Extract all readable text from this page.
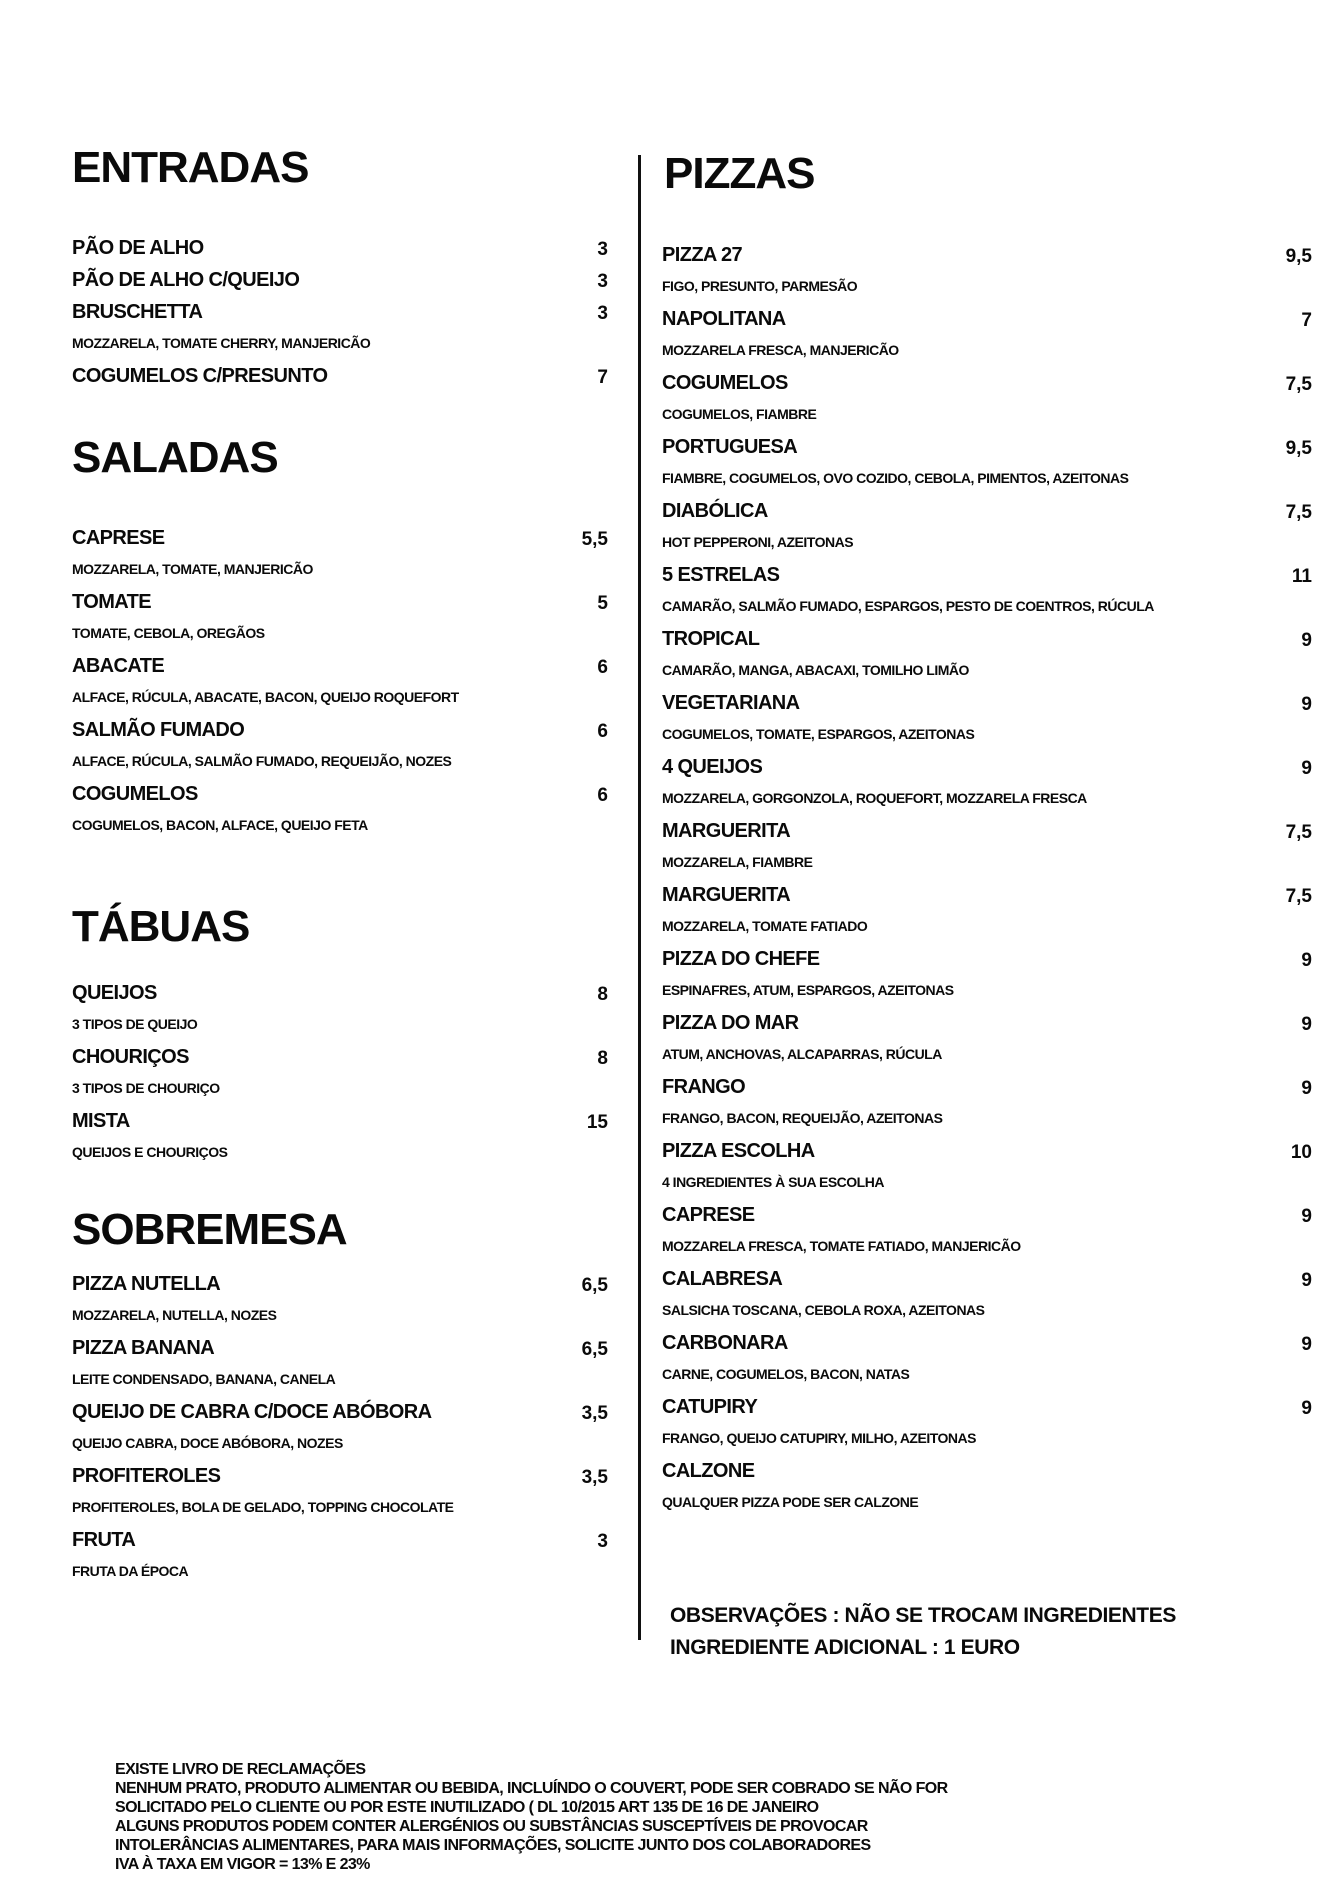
ENTRADAS
PÃO DE ALHO	3
PÃO DE ALHO C/QUEIJO	3
BRUSCHETTA	3
MOZZARELA, TOMATE CHERRY, MANJERICÃO
COGUMELOS C/PRESUNTO	7
SALADAS
CAPRESE	5,5
MOZZARELA, TOMATE, MANJERICÃO
TOMATE	5
TOMATE, CEBOLA, OREGÃOS
ABACATE	6
ALFACE, RÚCULA, ABACATE, BACON, QUEIJO ROQUEFORT
SALMÃO FUMADO	6
ALFACE, RÚCULA, SALMÃO FUMADO, REQUEIJÃO, NOZES
COGUMELOS	6
COGUMELOS, BACON, ALFACE, QUEIJO FETA
TÁBUAS
QUEIJOS	8
3 TIPOS DE QUEIJO
CHOURIÇOS	8
3 TIPOS DE CHOURIÇO
MISTA	15
QUEIJOS E CHOURIÇOS
SOBREMESA
PIZZA NUTELLA	6,5
MOZZARELA, NUTELLA, NOZES
PIZZA BANANA	6,5
LEITE CONDENSADO, BANANA, CANELA
QUEIJO DE CABRA C/DOCE ABÓBORA	3,5
QUEIJO CABRA, DOCE ABÓBORA, NOZES
PROFITEROLES	3,5
PROFITEROLES, BOLA DE GELADO, TOPPING CHOCOLATE
FRUTA	3
FRUTA DA ÉPOCA
PIZZAS
PIZZA 27	9,5
FIGO, PRESUNTO, PARMESÃO
NAPOLITANA	7
MOZZARELA FRESCA, MANJERICÃO
COGUMELOS	7,5
COGUMELOS, FIAMBRE
PORTUGUESA	9,5
FIAMBRE, COGUMELOS, OVO COZIDO, CEBOLA, PIMENTOS, AZEITONAS
DIABÓLICA	7,5
HOT PEPPERONI, AZEITONAS
5 ESTRELAS	11
CAMARÃO, SALMÃO FUMADO, ESPARGOS, PESTO DE COENTROS, RÚCULA
TROPICAL	9
CAMARÃO, MANGA, ABACAXI, TOMILHO LIMÃO
VEGETARIANA	9
COGUMELOS, TOMATE, ESPARGOS, AZEITONAS
4 QUEIJOS	9
MOZZARELA, GORGONZOLA, ROQUEFORT, MOZZARELA FRESCA
MARGUERITA	7,5
MOZZARELA, FIAMBRE
MARGUERITA	7,5
MOZZARELA, TOMATE FATIADO
PIZZA DO CHEFE	9
ESPINAFRES, ATUM, ESPARGOS, AZEITONAS
PIZZA DO MAR	9
ATUM, ANCHOVAS, ALCAPARRAS, RÚCULA
FRANGO	9
FRANGO, BACON, REQUEIJÃO, AZEITONAS
PIZZA ESCOLHA	10
4 INGREDIENTES À SUA ESCOLHA
CAPRESE	9
MOZZARELA FRESCA, TOMATE FATIADO, MANJERICÃO
CALABRESA	9
SALSICHA TOSCANA, CEBOLA ROXA, AZEITONAS
CARBONARA	9
CARNE, COGUMELOS, BACON, NATAS
CATUPIRY	9
FRANGO, QUEIJO CATUPIRY, MILHO, AZEITONAS
CALZONE
QUALQUER PIZZA PODE SER CALZONE
OBSERVAÇÕES : NÃO SE TROCAM INGREDIENTES
INGREDIENTE ADICIONAL : 1 EURO
EXISTE LIVRO DE RECLAMAÇÕES
NENHUM PRATO, PRODUTO ALIMENTAR OU BEBIDA, INCLUÍNDO O COUVERT, PODE SER COBRADO SE NÃO FOR
SOLICITADO PELO CLIENTE OU POR ESTE INUTILIZADO ( DL 10/2015 ART 135 DE 16 DE JANEIRO
ALGUNS PRODUTOS PODEM CONTER ALERGÉNIOS OU SUBSTÂNCIAS SUSCEPTÍVEIS DE PROVOCAR
INTOLERÂNCIAS ALIMENTARES, PARA MAIS INFORMAÇÕES, SOLICITE JUNTO DOS COLABORADORES
IVA À TAXA EM VIGOR = 13% E 23%
